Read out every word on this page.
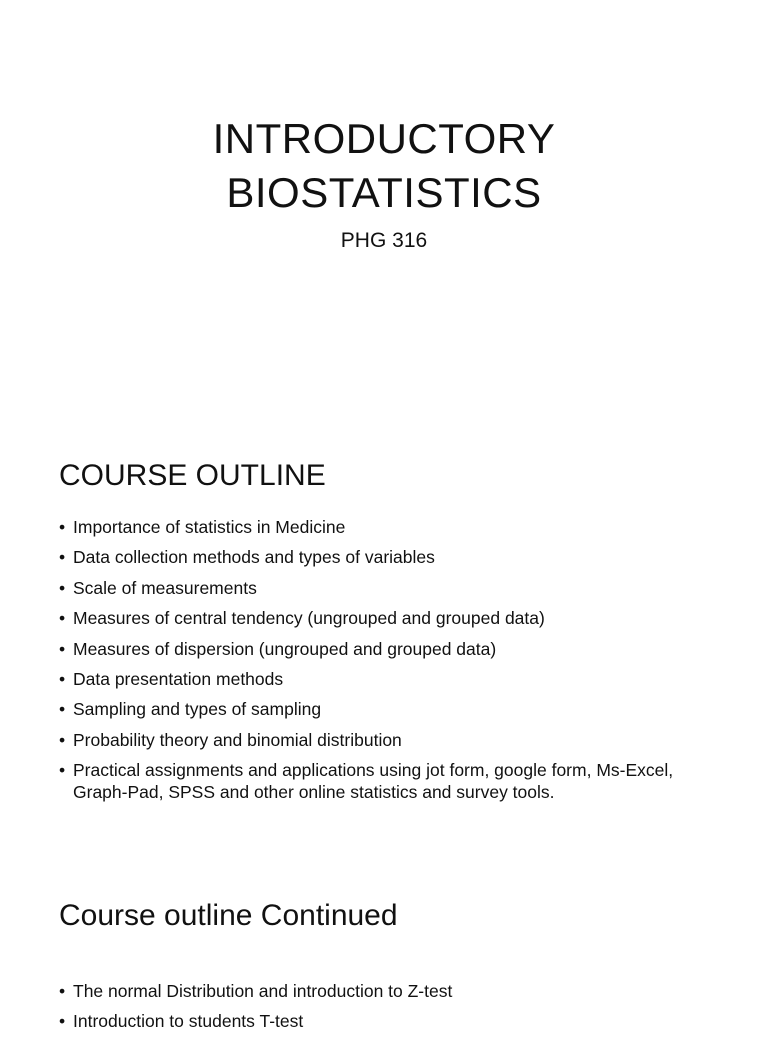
INTRODUCTORY
BIOSTATISTICS
PHG 316
COURSE OUTLINE
• Importance of statistics in Medicine
• Data collection methods and types of variables
• Scale of measurements
• Measures of central tendency (ungrouped and grouped data)
• Measures of dispersion (ungrouped and grouped data)
• Data presentation methods
• Sampling and types of sampling
• Probability theory and binomial distribution
• Practical assignments and applications using jot form, google form, Ms-Excel, Graph-Pad, SPSS and other online statistics and survey tools.
Course outline Continued
• The normal Distribution and introduction to Z-test
• Introduction to students T-test
